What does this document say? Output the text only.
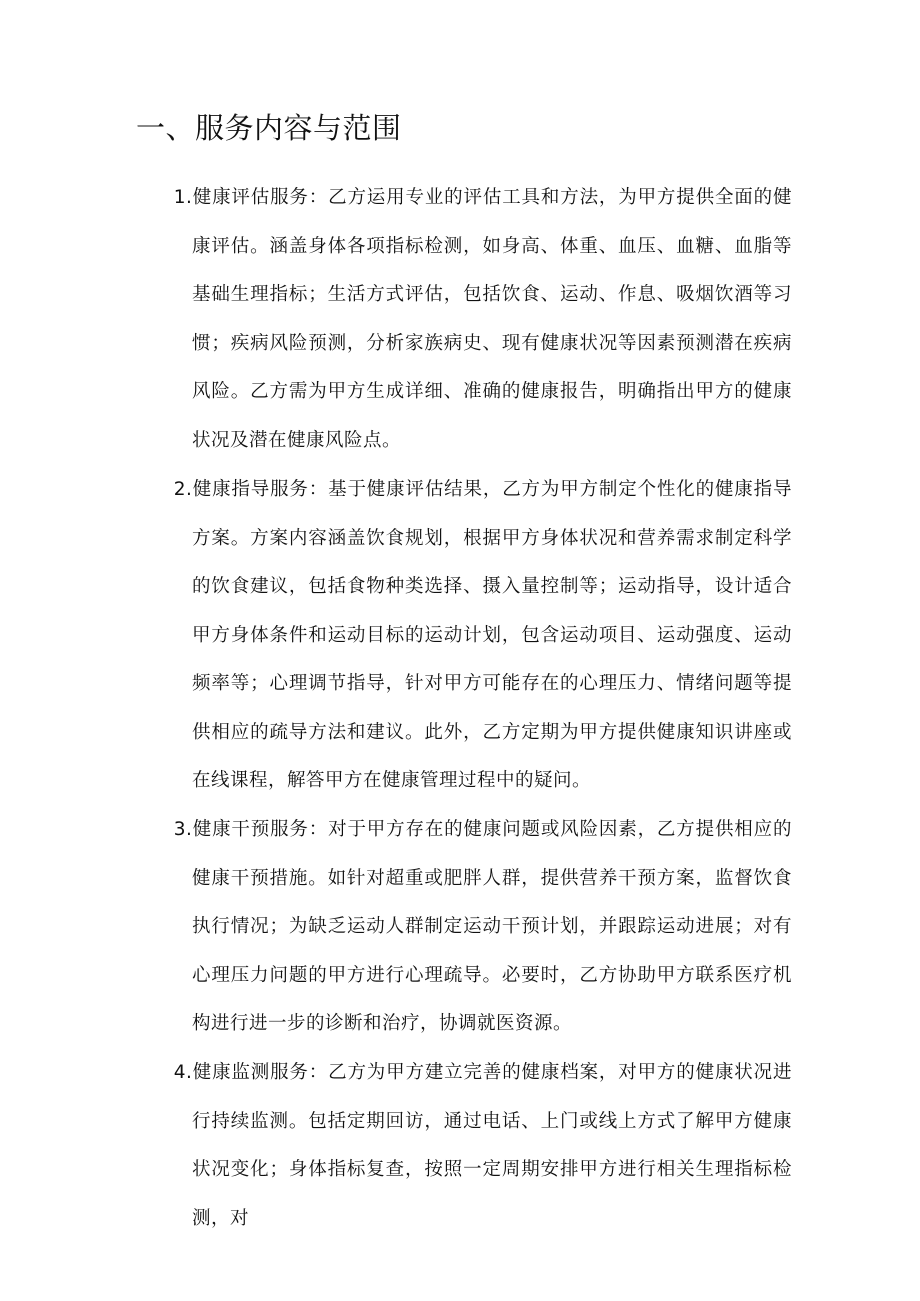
一、服务内容与范围
1 .健康评估服务：乙方运用专业的评估工具和方法，为甲方提供全面的健康评估。涵盖身体各项指标检测，如身高、体重、血压、血糖、血脂等基础生理指标；生活方式评估，包括饮食、运动、作息、吸烟饮酒等习惯；疾病风险预测，分析家族病史、现有健康状况等因素预测潜在疾病风险。乙方需为甲方生成详细、准确的健康报告，明确指出甲方的健康状况及潜在健康风险点。
2 .健康指导服务：基于健康评估结果，乙方为甲方制定个性化的健康指导方案。方案内容涵盖饮食规划，根据甲方身体状况和营养需求制定科学的饮食建议，包括食物种类选择、摄入量控制等；运动指导，设计适合甲方身体条件和运动目标的运动计划，包含运动项目、运动强度、运动频率等；心理调节指导，针对甲方可能存在的心理压力、情绪问题等提供相应的疏导方法和建议。此外，乙方定期为甲方提供健康知识讲座或在线课程，解答甲方在健康管理过程中的疑问。
3 .健康干预服务：对于甲方存在的健康问题或风险因素，乙方提供相应的健康干预措施。如针对超重或肥胖人群，提供营养干预方案，监督饮食执行情况；为缺乏运动人群制定运动干预计划，并跟踪运动进展；对有心理压力问题的甲方进行心理疏导。必要时，乙方协助甲方联系医疗机构进行进一步的诊断和治疗，协调就医资源。
4 .健康监测服务：乙方为甲方建立完善的健康档案，对甲方的健康状况进行持续监测。包括定期回访，通过电话、上门或线上方式了解甲方健康状况变化；身体指标复查，按照一定周期安排甲方进行相关生理指标检测，对
